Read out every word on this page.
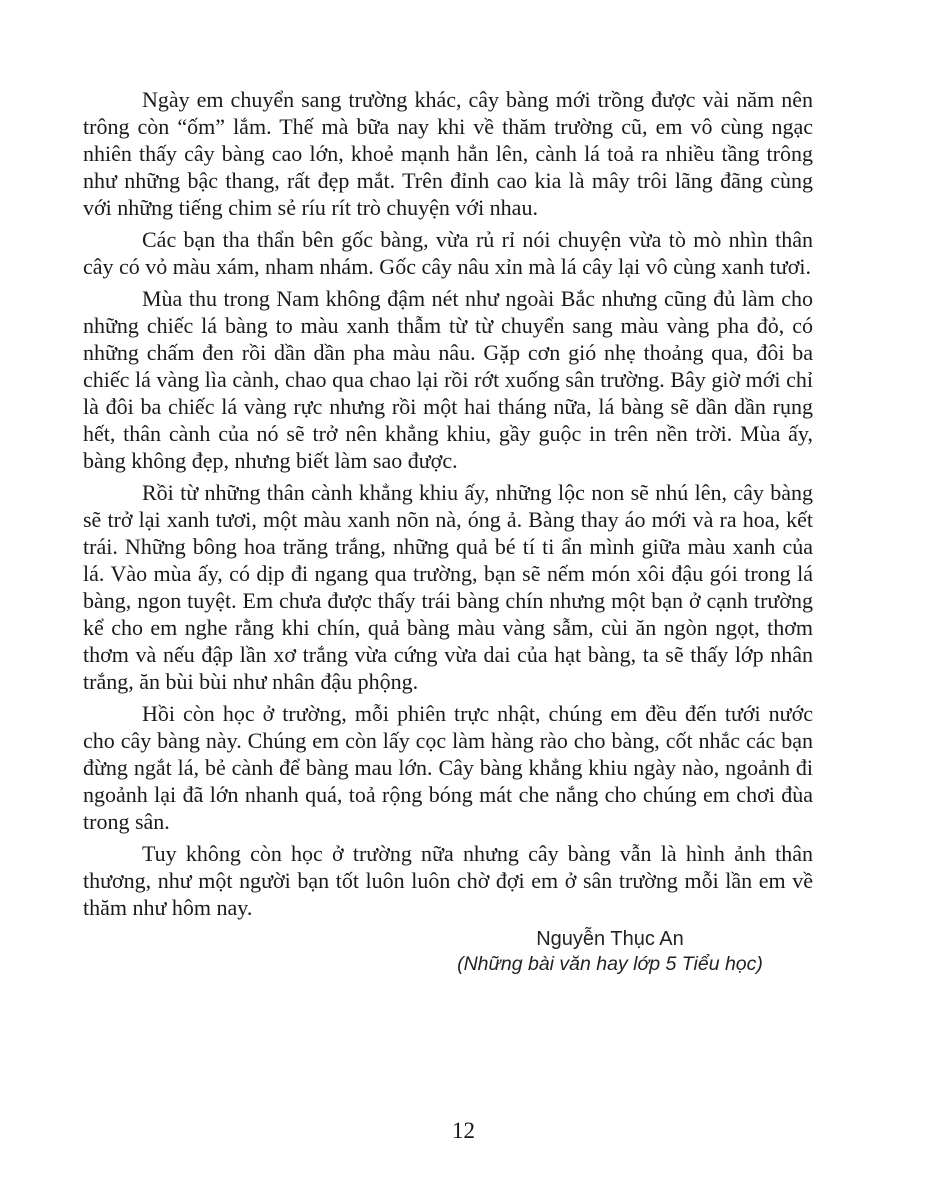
Ngày em chuyển sang trường khác, cây bàng mới trồng được vài năm nên trông còn “ốm” lắm. Thế mà bữa nay khi về thăm trường cũ, em vô cùng ngạc nhiên thấy cây bàng cao lớn, khoẻ mạnh hẳn lên, cành lá toả ra nhiều tầng trông như những bậc thang, rất đẹp mắt. Trên đỉnh cao kia là mây trôi lãng đãng cùng với những tiếng chim sẻ ríu rít trò chuyện với nhau.

Các bạn tha thẩn bên gốc bàng, vừa rủ rỉ nói chuyện vừa tò mò nhìn thân cây có vỏ màu xám, nham nhám. Gốc cây nâu xỉn mà lá cây lại vô cùng xanh tươi.

Mùa thu trong Nam không đậm nét như ngoài Bắc nhưng cũng đủ làm cho những chiếc lá bàng to màu xanh thẫm từ từ chuyển sang màu vàng pha đỏ, có những chấm đen rồi dần dần pha màu nâu. Gặp cơn gió nhẹ thoảng qua, đôi ba chiếc lá vàng lìa cành, chao qua chao lại rồi rớt xuống sân trường. Bây giờ mới chỉ là đôi ba chiếc lá vàng rực nhưng rồi một hai tháng nữa, lá bàng sẽ dần dần rụng hết, thân cành của nó sẽ trở nên khẳng khiu, gầy guộc in trên nền trời. Mùa ấy, bàng không đẹp, nhưng biết làm sao được.

Rồi từ những thân cành khẳng khiu ấy, những lộc non sẽ nhú lên, cây bàng sẽ trở lại xanh tươi, một màu xanh nõn nà, óng ả. Bàng thay áo mới và ra hoa, kết trái. Những bông hoa trăng trắng, những quả bé tí ti ẩn mình giữa màu xanh của lá. Vào mùa ấy, có dịp đi ngang qua trường, bạn sẽ nếm món xôi đậu gói trong lá bàng, ngon tuyệt. Em chưa được thấy trái bàng chín nhưng một bạn ở cạnh trường kể cho em nghe rằng khi chín, quả bàng màu vàng sẫm, cùi ăn ngòn ngọt, thơm thơm và nếu đập lần xơ trắng vừa cứng vừa dai của hạt bàng, ta sẽ thấy lớp nhân trắng, ăn bùi bùi như nhân đậu phộng.

Hồi còn học ở trường, mỗi phiên trực nhật, chúng em đều đến tưới nước cho cây bàng này. Chúng em còn lấy cọc làm hàng rào cho bàng, cốt nhắc các bạn đừng ngắt lá, bẻ cành để bàng mau lớn. Cây bàng khẳng khiu ngày nào, ngoảnh đi ngoảnh lại đã lớn nhanh quá, toả rộng bóng mát che nắng cho chúng em chơi đùa trong sân.

Tuy không còn học ở trường nữa nhưng cây bàng vẫn là hình ảnh thân thương, như một người bạn tốt luôn luôn chờ đợi em ở sân trường mỗi lần em về thăm như hôm nay.

Nguyễn Thục An
(Những bài văn hay lớp 5 Tiểu học)
12
